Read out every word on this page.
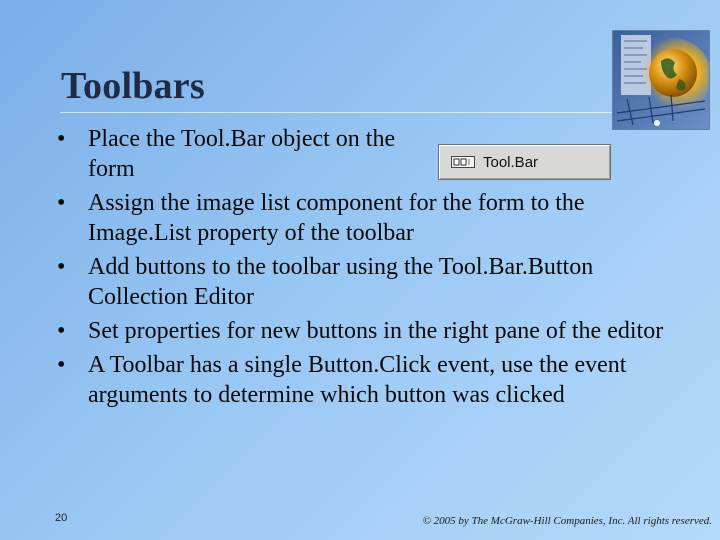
Toolbars
Tool.Bar
• Place the Tool.Bar object on the form
• Assign the image list component for the form to the Image.List property of the toolbar
• Add buttons to the toolbar using the Tool.Bar.Button Collection Editor
• Set properties for new buttons in the right pane of the editor
• A Toolbar has a single Button.Click event, use the event arguments to determine which button was clicked
20	© 2005 by The McGraw-Hill Companies, Inc. All rights reserved.
